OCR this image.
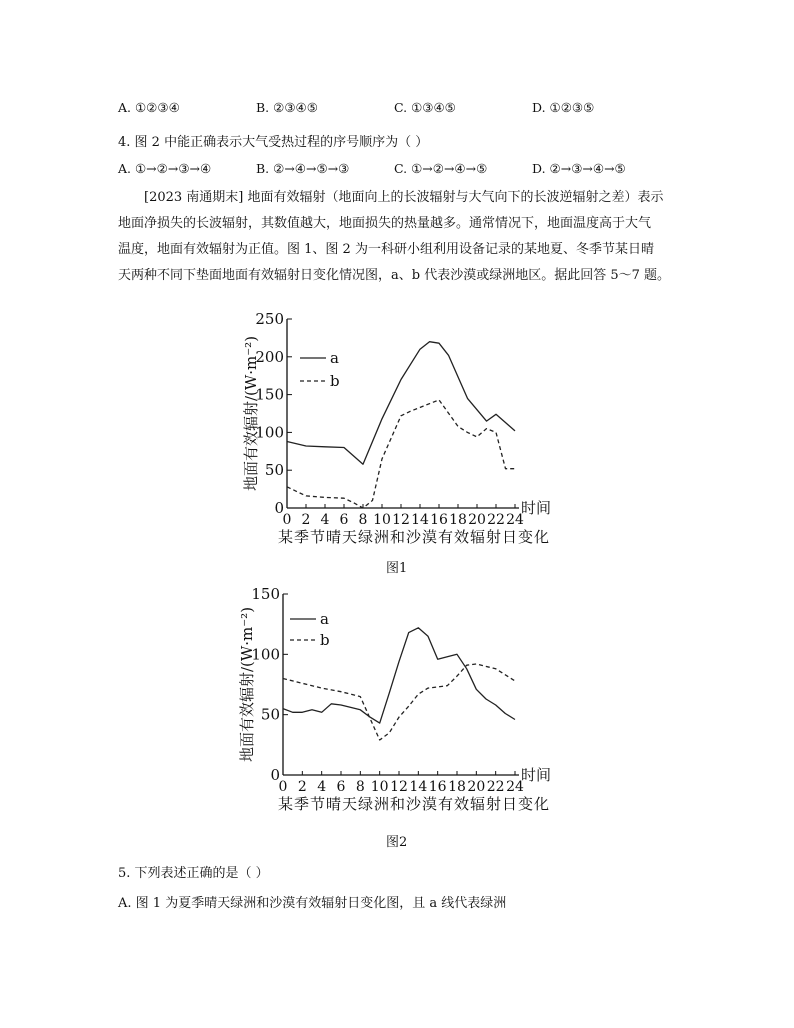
A. ①②③④	B. ②③④⑤	C. ①③④⑤	D. ①②③⑤
4. 图 2 中能正确表示大气受热过程的序号顺序为（ ）
A. ①→②→③→④	B. ②→④→⑤→③	C. ①→②→④→⑤	D. ②→③→④→⑤
[2023 南通期末] 地面有效辐射（地面向上的长波辐射与大气向下的长波逆辐射之差）表示
地面净损失的长波辐射，其数值越大，地面损失的热量越多。通常情况下，地面温度高于大气
温度，地面有效辐射为正值。图 1、图 2 为一科研小组利用设备记录的某地夏、冬季节某日晴
天两种不同下垫面地面有效辐射日变化情况图，a、b 代表沙漠或绿洲地区。据此回答 5～7 题。
0
50
100
150
200
250
0 2 4 6 8 10 12 14 16 18 20 22 24
时间
地面有效辐射/(W·m⁻²)
某季节晴天绿洲和沙漠有效辐射日变化
a
b
0
50
100
150
0 2 4 6 8 10 12 14 16 18 20 22 24
时间
地面有效辐射/(W·m⁻²)
某季节晴天绿洲和沙漠有效辐射日变化
a
b
图1
图2
5. 下列表述正确的是（ ）
A. 图 1 为夏季晴天绿洲和沙漠有效辐射日变化图，且 a 线代表绿洲
